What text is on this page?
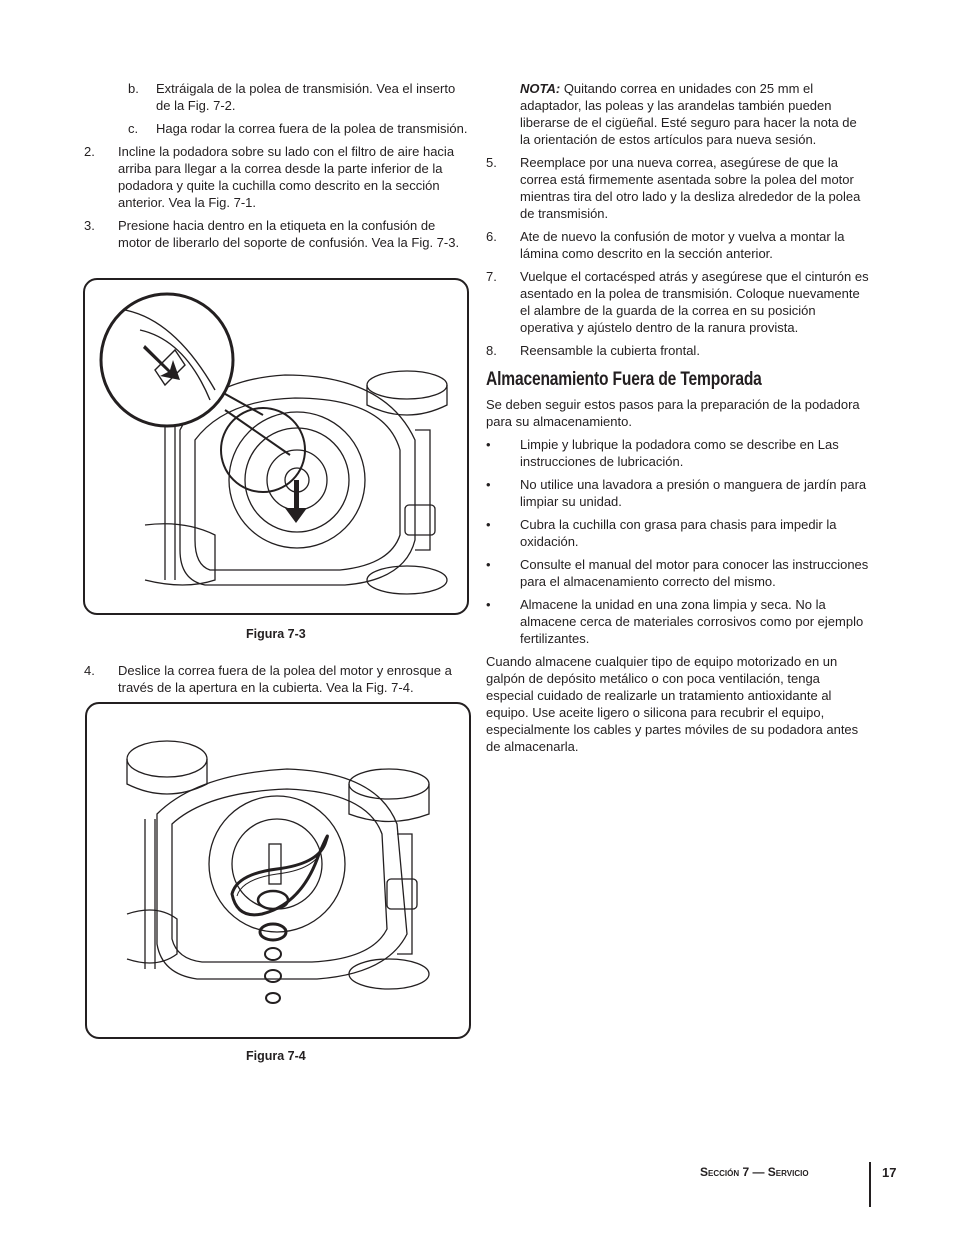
b. Extráigala de la polea de transmisión. Vea el inserto de la Fig. 7-2.
c. Haga rodar la correa fuera de la polea de transmisión.
2. Incline la podadora sobre su lado con el filtro de aire hacia arriba para llegar a la correa desde la parte inferior de la podadora y quite la cuchilla como descrito en la sección anterior. Vea la Fig. 7-1.
3. Presione hacia dentro en la etiqueta en la confusión de motor de liberarlo del soporte de confusión. Vea la Fig. 7-3.
Figura 7-3
4. Deslice la correa fuera de la polea del motor y enrosque a través de la apertura en la cubierta. Vea la Fig. 7-4.
Figura 7-4
NOTA: Quitando correa en unidades con 25 mm el adaptador, las poleas y las arandelas también pueden liberarse de el cigüeñal. Esté seguro para hacer la nota de la orientación de estos artículos para nueva sesión.
5. Reemplace por una nueva correa, asegúrese de que la correa está firmemente asentada sobre la polea del motor mientras tira del otro lado y la desliza alrededor de la polea de transmisión.
6. Ate de nuevo la confusión de motor y vuelva a montar la lámina como descrito en la sección anterior.
7. Vuelque el cortacésped atrás y asegúrese que el cinturón es asentado en la polea de transmisión. Coloque nuevamente el alambre de la guarda de la correa en su posición operativa y ajústelo dentro de la ranura provista.
8. Reensamble la cubierta frontal.
Almacenamiento Fuera de Temporada

Se deben seguir estos pasos para la preparación de la podadora para su almacenamiento.

• Limpie y lubrique la podadora como se describe en Las instrucciones de lubricación.
• No utilice una lavadora a presión o manguera de jardín para limpiar su unidad.
• Cubra la cuchilla con grasa para chasis para impedir la oxidación.
• Consulte el manual del motor para conocer las instrucciones para el almacenamiento correcto del mismo.
• Almacene la unidad en una zona limpia y seca. No la almacene cerca de materiales corrosivos como por ejemplo fertilizantes.

Cuando almacene cualquier tipo de equipo motorizado en un galpón de depósito metálico o con poca ventilación, tenga especial cuidado de realizarle un tratamiento antioxidante al equipo. Use aceite ligero o silicona para recubrir el equipo, especialmente los cables y partes móviles de su podadora antes de almacenarla.

Sección 7 — Servicio	17
